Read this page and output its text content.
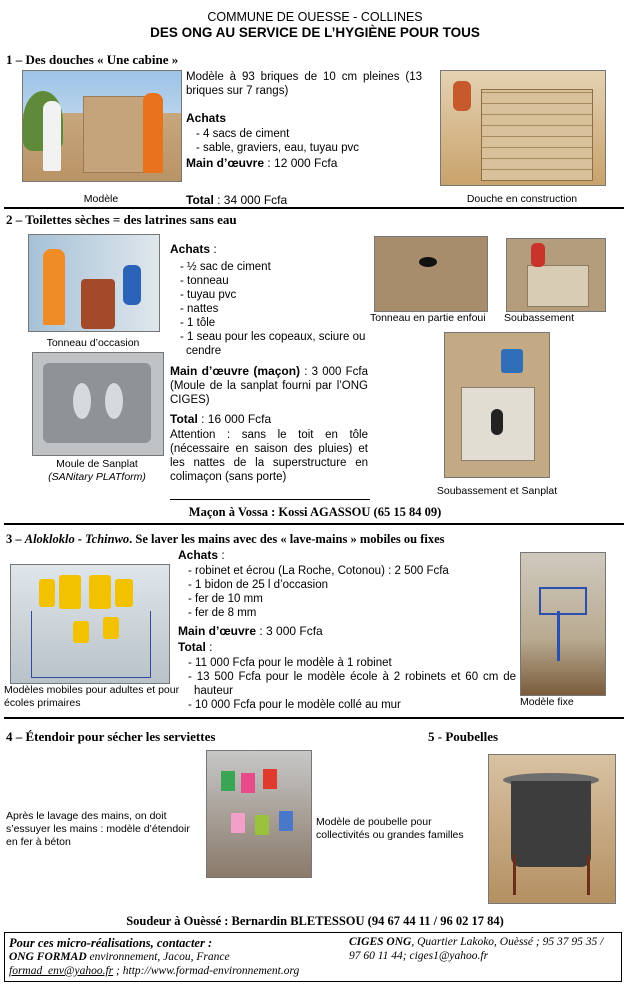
COMMUNE DE OUESSE - COLLINES
DES ONG AU SERVICE DE L’HYGIÈNE POUR TOUS
1 – Des douches « Une cabine »
Modèle
Modèle à 93 briques de 10 cm pleines (13 briques sur 7 rangs)
Achats
- 4 sacs de ciment
- sable, graviers, eau, tuyau pvc
Main d’œuvre : 12 000 Fcfa
Total : 34 000 Fcfa	Douche en construction
2 – Toilettes sèches = des latrines sans eau
Tonneau d’occasion
Moule de Sanplat
(SANitary PLATform)
Achats :
- ½ sac de ciment
- tonneau
- tuyau pvc
- nattes
- 1 tôle
- 1 seau pour les copeaux, sciure ou cendre
Main d’œuvre (maçon) : 3 000 Fcfa (Moule de la sanplat fourni par l’ONG CIGES)
Total : 16 000 Fcfa
Attention : sans le toit en tôle (nécessaire en saison des pluies) et les nattes de la superstructure en colimaçon (sans porte)
Tonneau en partie enfoui	Soubassement
Soubassement et Sanplat
Maçon à Vossa : Kossi AGASSOU (65 15 84 09)
3 – Alokloklo - Tchinwo. Se laver les mains avec des « lave-mains » mobiles ou fixes
Modèles mobiles pour adultes et pour écoles primaires
Achats :
- robinet et écrou (La Roche, Cotonou) : 2 500 Fcfa
- 1 bidon de 25 l d’occasion
- fer de 10 mm
- fer de 8 mm
Main d’œuvre : 3 000 Fcfa
Total :
- 11 000 Fcfa pour le modèle à 1 robinet
- 13 500 Fcfa pour le modèle école à 2 robinets et 60 cm de hauteur
- 10 000 Fcfa pour le modèle collé au mur	Modèle fixe
4 – Étendoir pour sécher les serviettes
Après le lavage des mains, on doit s’essuyer les mains : modèle d’étendoir en fer à béton
5 - Poubelles
Modèle de poubelle pour collectivités ou grandes familles
Soudeur à Ouèssé : Bernardin BLETESSOU (94 67 44 11 / 96 02 17 84)
Pour ces micro-réalisations, contacter :
ONG FORMAD environnement, Jacou, France
formad_env@yahoo.fr ; http://www.formad-environnement.org
CIGES ONG, Quartier Lakoko, Ouèssé ; 95 37 95 35 / 97 60 11 44; ciges1@yahoo.fr
